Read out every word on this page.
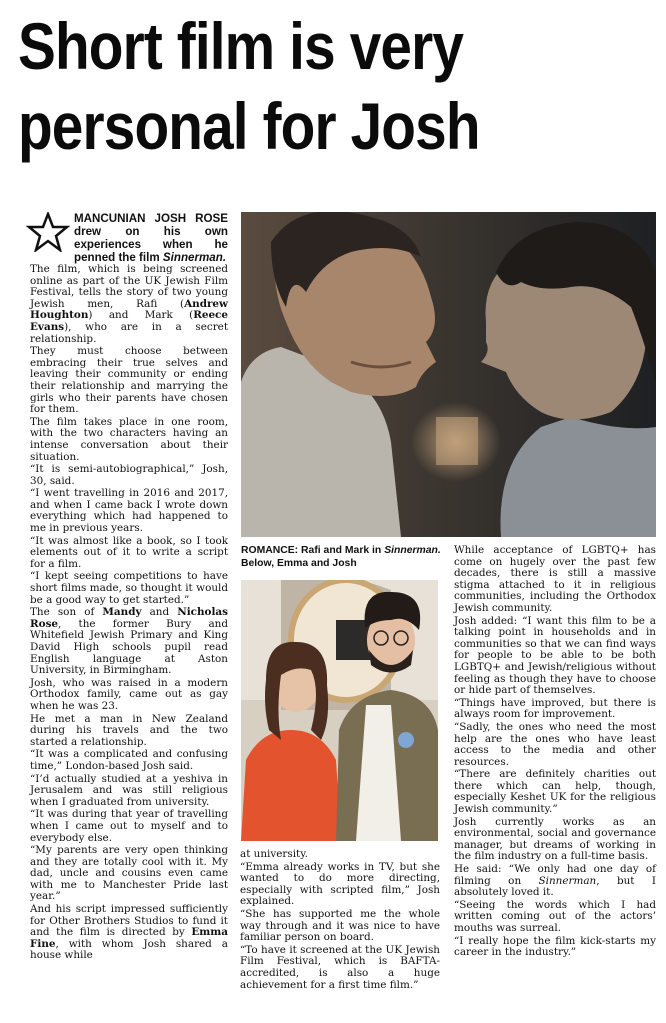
Short film is very
personal for Josh
ROMANCE: Rafi and Mark in Sinnerman. Below, Emma and Josh
MANCUNIAN JOSH ROSE drew on his own experiences when he penned the film Sinnerman.

The film, which is being screened online as part of the UK Jewish Film Festival, tells the story of two young Jewish men, Rafi (Andrew Houghton) and Mark (Reece Evans), who are in a secret relationship.

They must choose between embracing their true selves and leaving their community or ending their relationship and marrying the girls who their parents have chosen for them.

The film takes place in one room, with the two characters having an intense conversation about their situation.

“It is semi-autobiographical,” Josh, 30, said.

“I went travelling in 2016 and 2017, and when I came back I wrote down everything which had happened to me in previous years.

“It was almost like a book, so I took elements out of it to write a script for a film.

“I kept seeing competitions to have short films made, so thought it would be a good way to get started.”

The son of Mandy and Nicholas Rose, the former Bury and Whitefield Jewish Primary and King David High schools pupil read English language at Aston University, in Birmingham.

Josh, who was raised in a modern Orthodox family, came out as gay when he was 23.

He met a man in New Zealand during his travels and the two started a relationship.

“It was a complicated and confusing time,” London-based Josh said.

“I’d actually studied at a yeshiva in Jerusalem and was still religious when I graduated from university.

“It was during that year of travelling when I came out to myself and to everybody else.

“My parents are very open thinking and they are totally cool with it. My dad, uncle and cousins even came with me to Manchester Pride last year.”

And his script impressed sufficiently for Other Brothers Studios to fund it and the film is directed by Emma Fine, with whom Josh shared a house while

at university.

“Emma already works in TV, but she wanted to do more directing, especially with scripted film,” Josh explained.

“She has supported me the whole way through and it was nice to have familiar person on board.

“To have it screened at the UK Jewish Film Festival, which is BAFTA-accredited, is also a huge achievement for a first time film.”

While acceptance of LGBTQ+ has come on hugely over the past few decades, there is still a massive stigma attached to it in religious communities, including the Orthodox Jewish community.

Josh added: “I want this film to be a talking point in households and in communities so that we can find ways for people to be able to be both LGBTQ+ and Jewish/religious without feeling as though they have to choose or hide part of themselves.

“Things have improved, but there is always room for improvement.

“Sadly, the ones who need the most help are the ones who have least access to the media and other resources.

“There are definitely charities out there which can help, though, especially Keshet UK for the religious Jewish community.”

Josh currently works as an environmental, social and governance manager, but dreams of working in the film industry on a full-time basis.

He said: “We only had one day of filming on Sinnerman, but I absolutely loved it.

“Seeing the words which I had written coming out of the actors’ mouths was surreal.

“I really hope the film kick-starts my career in the industry.”
